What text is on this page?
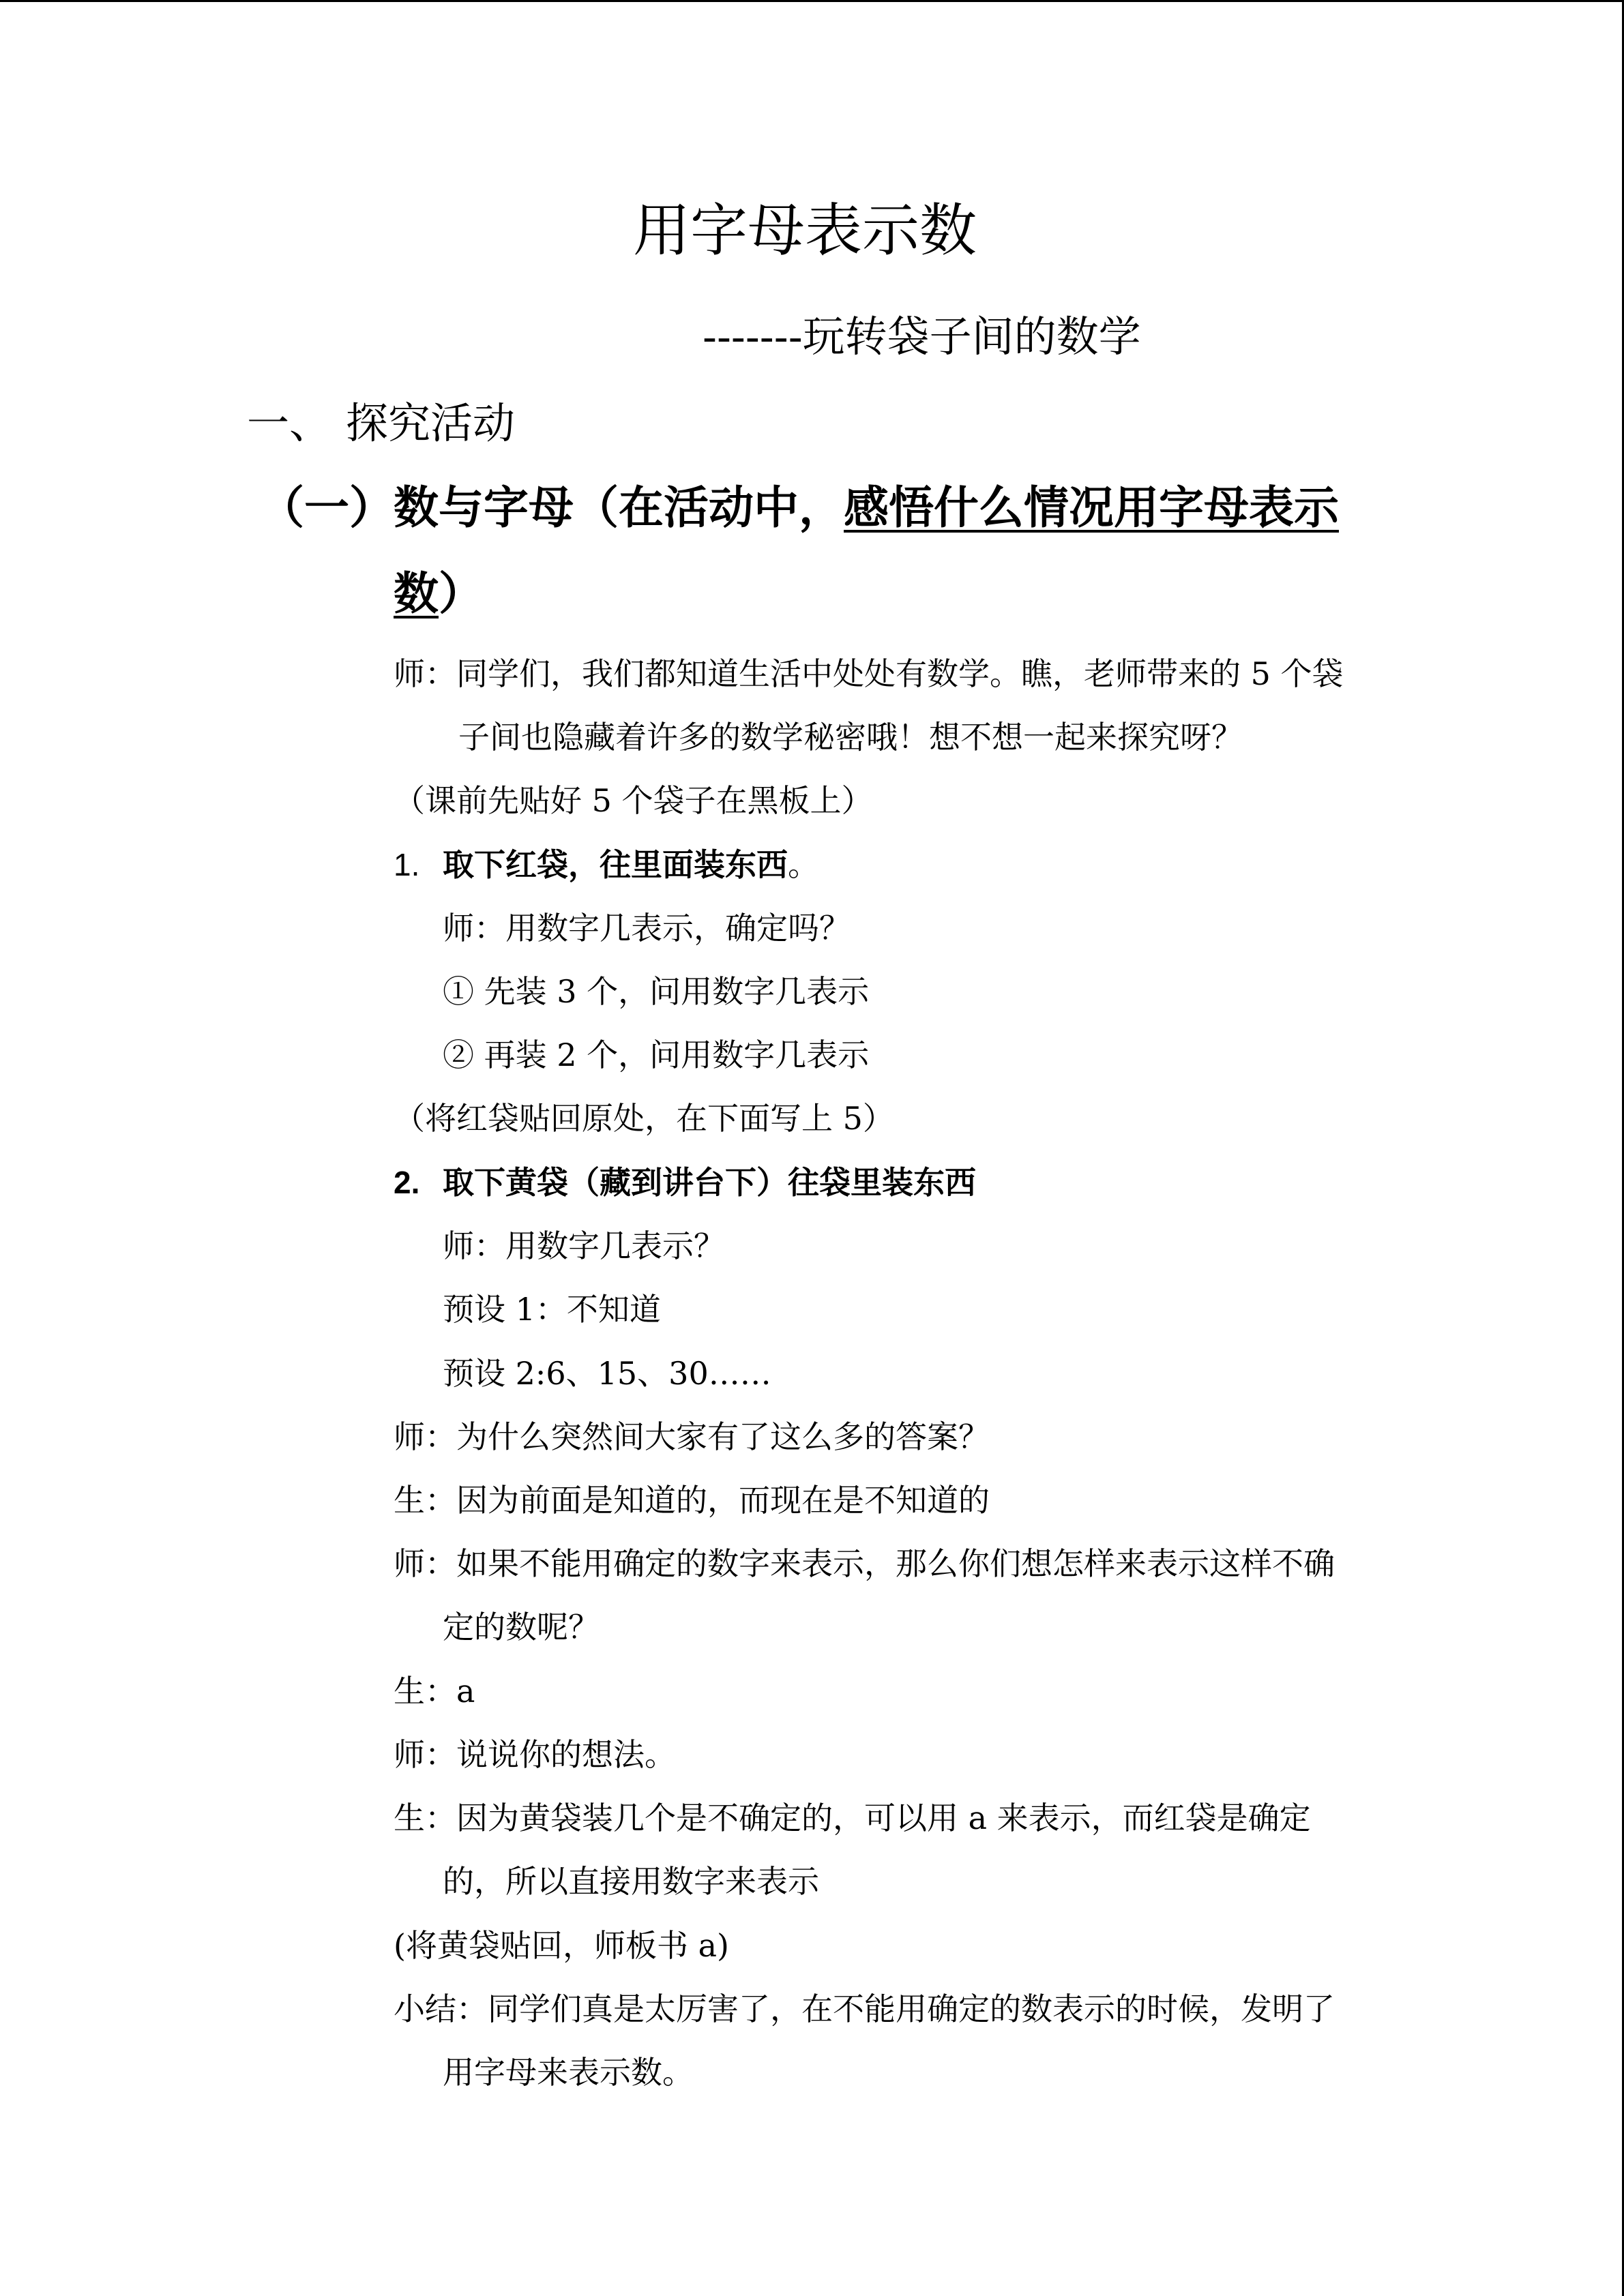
用字母表示数
-------玩转袋子间的数学
一、 探究活动
（一）数与字母（在活动中，感悟什么情况用字母表示
数）
师：同学们，我们都知道生活中处处有数学。瞧，老师带来的 5 个袋
子间也隐藏着许多的数学秘密哦！想不想一起来探究呀？
（课前先贴好 5 个袋子在黑板上）
1. 取下红袋，往里面装东西。
师：用数字几表示，确定吗？
① 先装 3 个，问用数字几表示
② 再装 2 个，问用数字几表示
（将红袋贴回原处，在下面写上 5）
2. 取下黄袋（藏到讲台下）往袋里装东西
师：用数字几表示？
预设 1：不知道
预设 2:6、15、30……
师：为什么突然间大家有了这么多的答案？
生：因为前面是知道的，而现在是不知道的
师：如果不能用确定的数字来表示，那么你们想怎样来表示这样不确
定的数呢？
生：a
师：说说你的想法。
生：因为黄袋装几个是不确定的，可以用 a 来表示，而红袋是确定
的，所以直接用数字来表示
(将黄袋贴回，师板书 a)
小结：同学们真是太厉害了，在不能用确定的数表示的时候，发明了
用字母来表示数。
